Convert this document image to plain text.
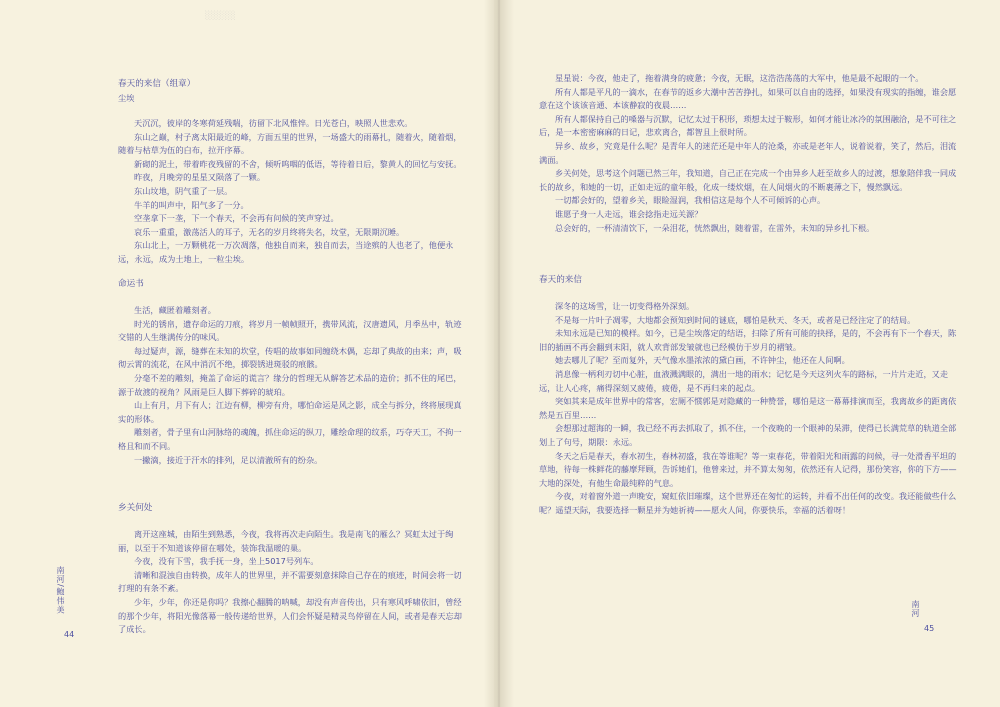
░░░░░

春天的来信（组章）

尘埃

天沉沉，彼岸的冬寒荷延残喘，彷留下北风惟悴。日光苍白，映照人世悲欢。

东山之巅，村子离太阳最近的峰，方面五里的世界，一场盛大的雨幕扎，随着火，随着烟，随着与枯草为伍的白布，拉开序幕。

新砌的泥土，带着昨夜残留的不舍，倾听呜咽的低语，等待着日后，黎黄人的回忆与安抚。

昨夜，月晚旁的星星又陨落了一颗。

东山坟地，阴气重了一层。

牛羊的叫声中，阳气多了一分。

空垄拿下一垄，下一个春天，不会再有问候的笑声穿过。

哀乐一重重，激荡活人的耳子，无名的岁月终将失名，坟堂，无限期沉睡。

东山北上，一万颗桃花一万次凋落，他独自而来，独自而去，当途殡的人也老了，他便永远，永远，成为土地上，一粒尘埃。

命运书

生活，藏匿着雕刻者。

时光的锈帛，遗存命运的刀痕，将岁月一帧帧照开，携带风流，汉唐遗风，月季丛中，轨迹交错的人生继满传分的味风。

每过疑声，源，缝葬在未知的坎堂，传唱的故事如同缠绕木偶，忘却了典故的由来；声，吸彻云霄的流花，在风中消沉不绝，掷裂锈进斑驳的痕骸。

分毫不差的雕刻，掩盖了命运的谎言？缘分的哲理无从解答艺术品的造价；抓不住的尾巴，源于故渡的视角？风雨是巨人脚下葬碎的琥珀。

山上有月，月下有人；江边有柳，柳旁有舟，哪怕命运是风之影，成全与拆分，终将展现真实的形体。

雕刻者，骨子里有山河脉络的魂魄，抓住命运的纵刀，雕绘命理的纹系，巧夺天工，不拘一格且和而不同。

一撇滴，接近于汗水的排列，足以清澈所有的纷杂。

乡关何处

离开这座城，由陌生到熟悉，今夜，我将再次走向陌生。我是南飞的雁么？冥虹太过于绚丽，以至于不知道该停留在哪处，装饰我温暖的巢。

今夜，没有下雪，我手抚一身，坐上5017号列车。

清晰和混浊自由转换，成年人的世界里，并不需要刻意抹除自己存在的痕迹，时间会将一切打理的有条不紊。

少年，少年，你还是你吗？我擦心翻腾的呐喊，却没有声音传出，只有寒风呼啸依旧，曾经的那个少年，将阳光像落幕一般传递给世界，人们会怀疑是精灵鸟停留在人间，或者是春天忘却了成长。

南河/鲍伟美
44

星星说：今夜，他走了，拖着满身的疲惫；今夜，无眠，这浩浩荡荡的大军中，他是最不起眼的一个。

所有人都是平凡的一滴水，在春节的返乡大潮中苦苦挣扎，如果可以自由的选择，如果没有现实的指缠，谁会愿意在这个该该音通、本该静寂的夜晨……

所有人都保持自己的嗓器与沉默，记忆太过于积形，琐想太过于鞍形，如何才能让冰冷的氛围融洽，是不可往之后，是一本密密麻麻的日记，悲欢离合，都智且上很时所。

异乡、故乡，究竟是什么呢？是青年人的迷茫还是中年人的沧桑，亦或是老年人，说着说着，笑了，然后，泪流满面。

乡关何处，思考这个问题已然三年，我知道，自己正在完成一个由异乡人赶至故乡人的过渡，想象陪伴我一同成长的故乡，和她的一切，正如走远的童年般，化成一缕炊烟，在人间烟火的不断裹薄之下，慢然飘远。

一切都会好的，望着乡关，眼睑湿润，我相信这是每个人不可倾诉的心声。

谁愿子身一人走远，谁会捻指走远关源？

总会好的，一杯清清饮下，一朵泪花，恍然飘出，随着雷，在雷外，未知的异乡扎下根。

春天的来信

深冬的这场雪，让一切变得格外深刻。

不是每一片叶子凋零，大地都会预知到时间的谜底，哪怕是秋天、冬天，或者是已经注定了的结局。

未知永远是已知的模样。如今，已是尘埃落定的结语，扫除了所有可能的抉择，是的，不会再有下一个春天，陈旧的插画不再会翻到末阳，就人欢背部发皱就也已经模仿于岁月的褶皱。

她去哪儿了呢？至而复外，天气像水墨浓浓的黛白画，不许钟尘，他还在人间啊。

消息像一柄利刃切中心脏，血液溅满眼的，满出一地的雨水；记忆是今天这列火车的路标，一片片走近，又走远，让人心疼，痛得深刻又疲倦，疲倦，是不再归来的起点。

突如其来是成年世界中的常客，宏厕不惯郭是对隐藏的一种赞誉，哪怕是这一幕幕排演而至，我离故乡的距离依然是五百里……

会想那过超海的一瞬，我已经不再去抓取了，抓不住，一个夜晚的一个眼神的呆滞，使得已长满荒草的轨道全部划上了句号，期限：永远。

冬天之后是春天，春水初生，春林初盛，我在等谁呢？等一束春花，带着阳光和雨露的问候，寻一处滑香平坦的草地，待每一株鲜花的藤摩拜顾，告诉她们，他曾来过，并不算太匆匆，依然还有人记得，那份笑容，你的下方——大地的深处，有他生命最纯粹的气息。

今夜，对着窗外道一声晚安，窥虹依旧璀璨，这个世界还在匆忙的运转，并看不出任何的改变。我还能做些什么呢？遥望天际，我要选择一颗星并为她祈祷——愿火人间，你要快乐，幸福的活着呀！

南河
45
